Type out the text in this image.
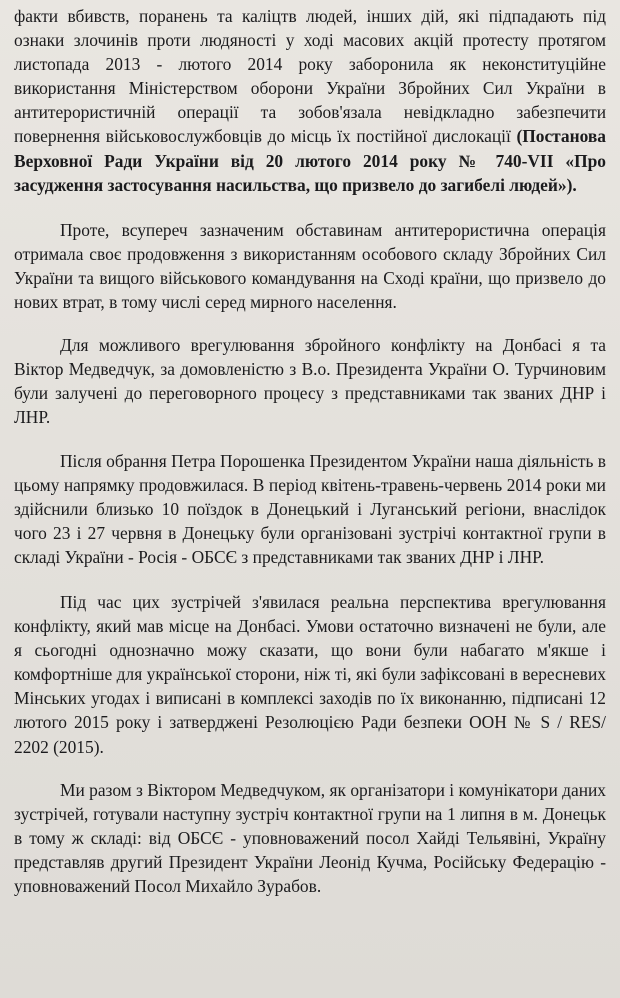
факти вбивств, поранень та каліцтв людей, інших дій, які підпадають під ознаки злочинів проти людяності у ході масових акцій протесту протягом листопада 2013 - лютого 2014 року заборонила як неконституційне використання Міністерством оборони України Збройних Сил України в антитерористичній операції та зобов'язала невідкладно забезпечити повернення військовослужбовців до місць їх постійної дислокації (Постанова Верховної Ради України від 20 лютого 2014 року № 740-VII «Про засудження застосування насильства, що призвело до загибелі людей»).

Проте, всупереч зазначеним обставинам антитерористична операція отримала своє продовження з використанням особового складу Збройних Сил України та вищого військового командування на Сході країни, що призвело до нових втрат, в тому числі серед мирного населення.

Для можливого врегулювання збройного конфлікту на Донбасі я та Віктор Медведчук, за домовленістю з В.о. Президента України О. Турчиновим були залучені до переговорного процесу з представниками так званих ДНР і ЛНР.

Після обрання Петра Порошенка Президентом України наша діяльність в цьому напрямку продовжилася. В період квітень-травень-червень 2014 роки ми здійснили близько 10 поїздок в Донецький і Луганський регіони, внаслідок чого 23 і 27 червня в Донецьку були організовані зустрічі контактної групи в складі України - Росія - ОБСЄ з представниками так званих ДНР і ЛНР.

Під час цих зустрічей з'явилася реальна перспектива врегулювання конфлікту, який мав місце на Донбасі. Умови остаточно визначені не були, але я сьогодні однозначно можу сказати, що вони були набагато м'якше і комфортніше для української сторони, ніж ті, які були зафіксовані в вересневих Мінських угодах і виписані в комплексі заходів по їх виконанню, підписані 12 лютого 2015 року і затверджені Резолюцією Ради безпеки ООН № S / RES/ 2202 (2015).

Ми разом з Віктором Медведчуком, як організатори і комунікатори даних зустрічей, готували наступну зустріч контактної групи на 1 липня в м. Донецьк в тому ж складі: від ОБСЄ - уповноважений посол Хайді Тельявіні, Україну представляв другий Президент України Леонід Кучма, Російську Федерацію - уповноважений Посол Михайло Зурабов.
